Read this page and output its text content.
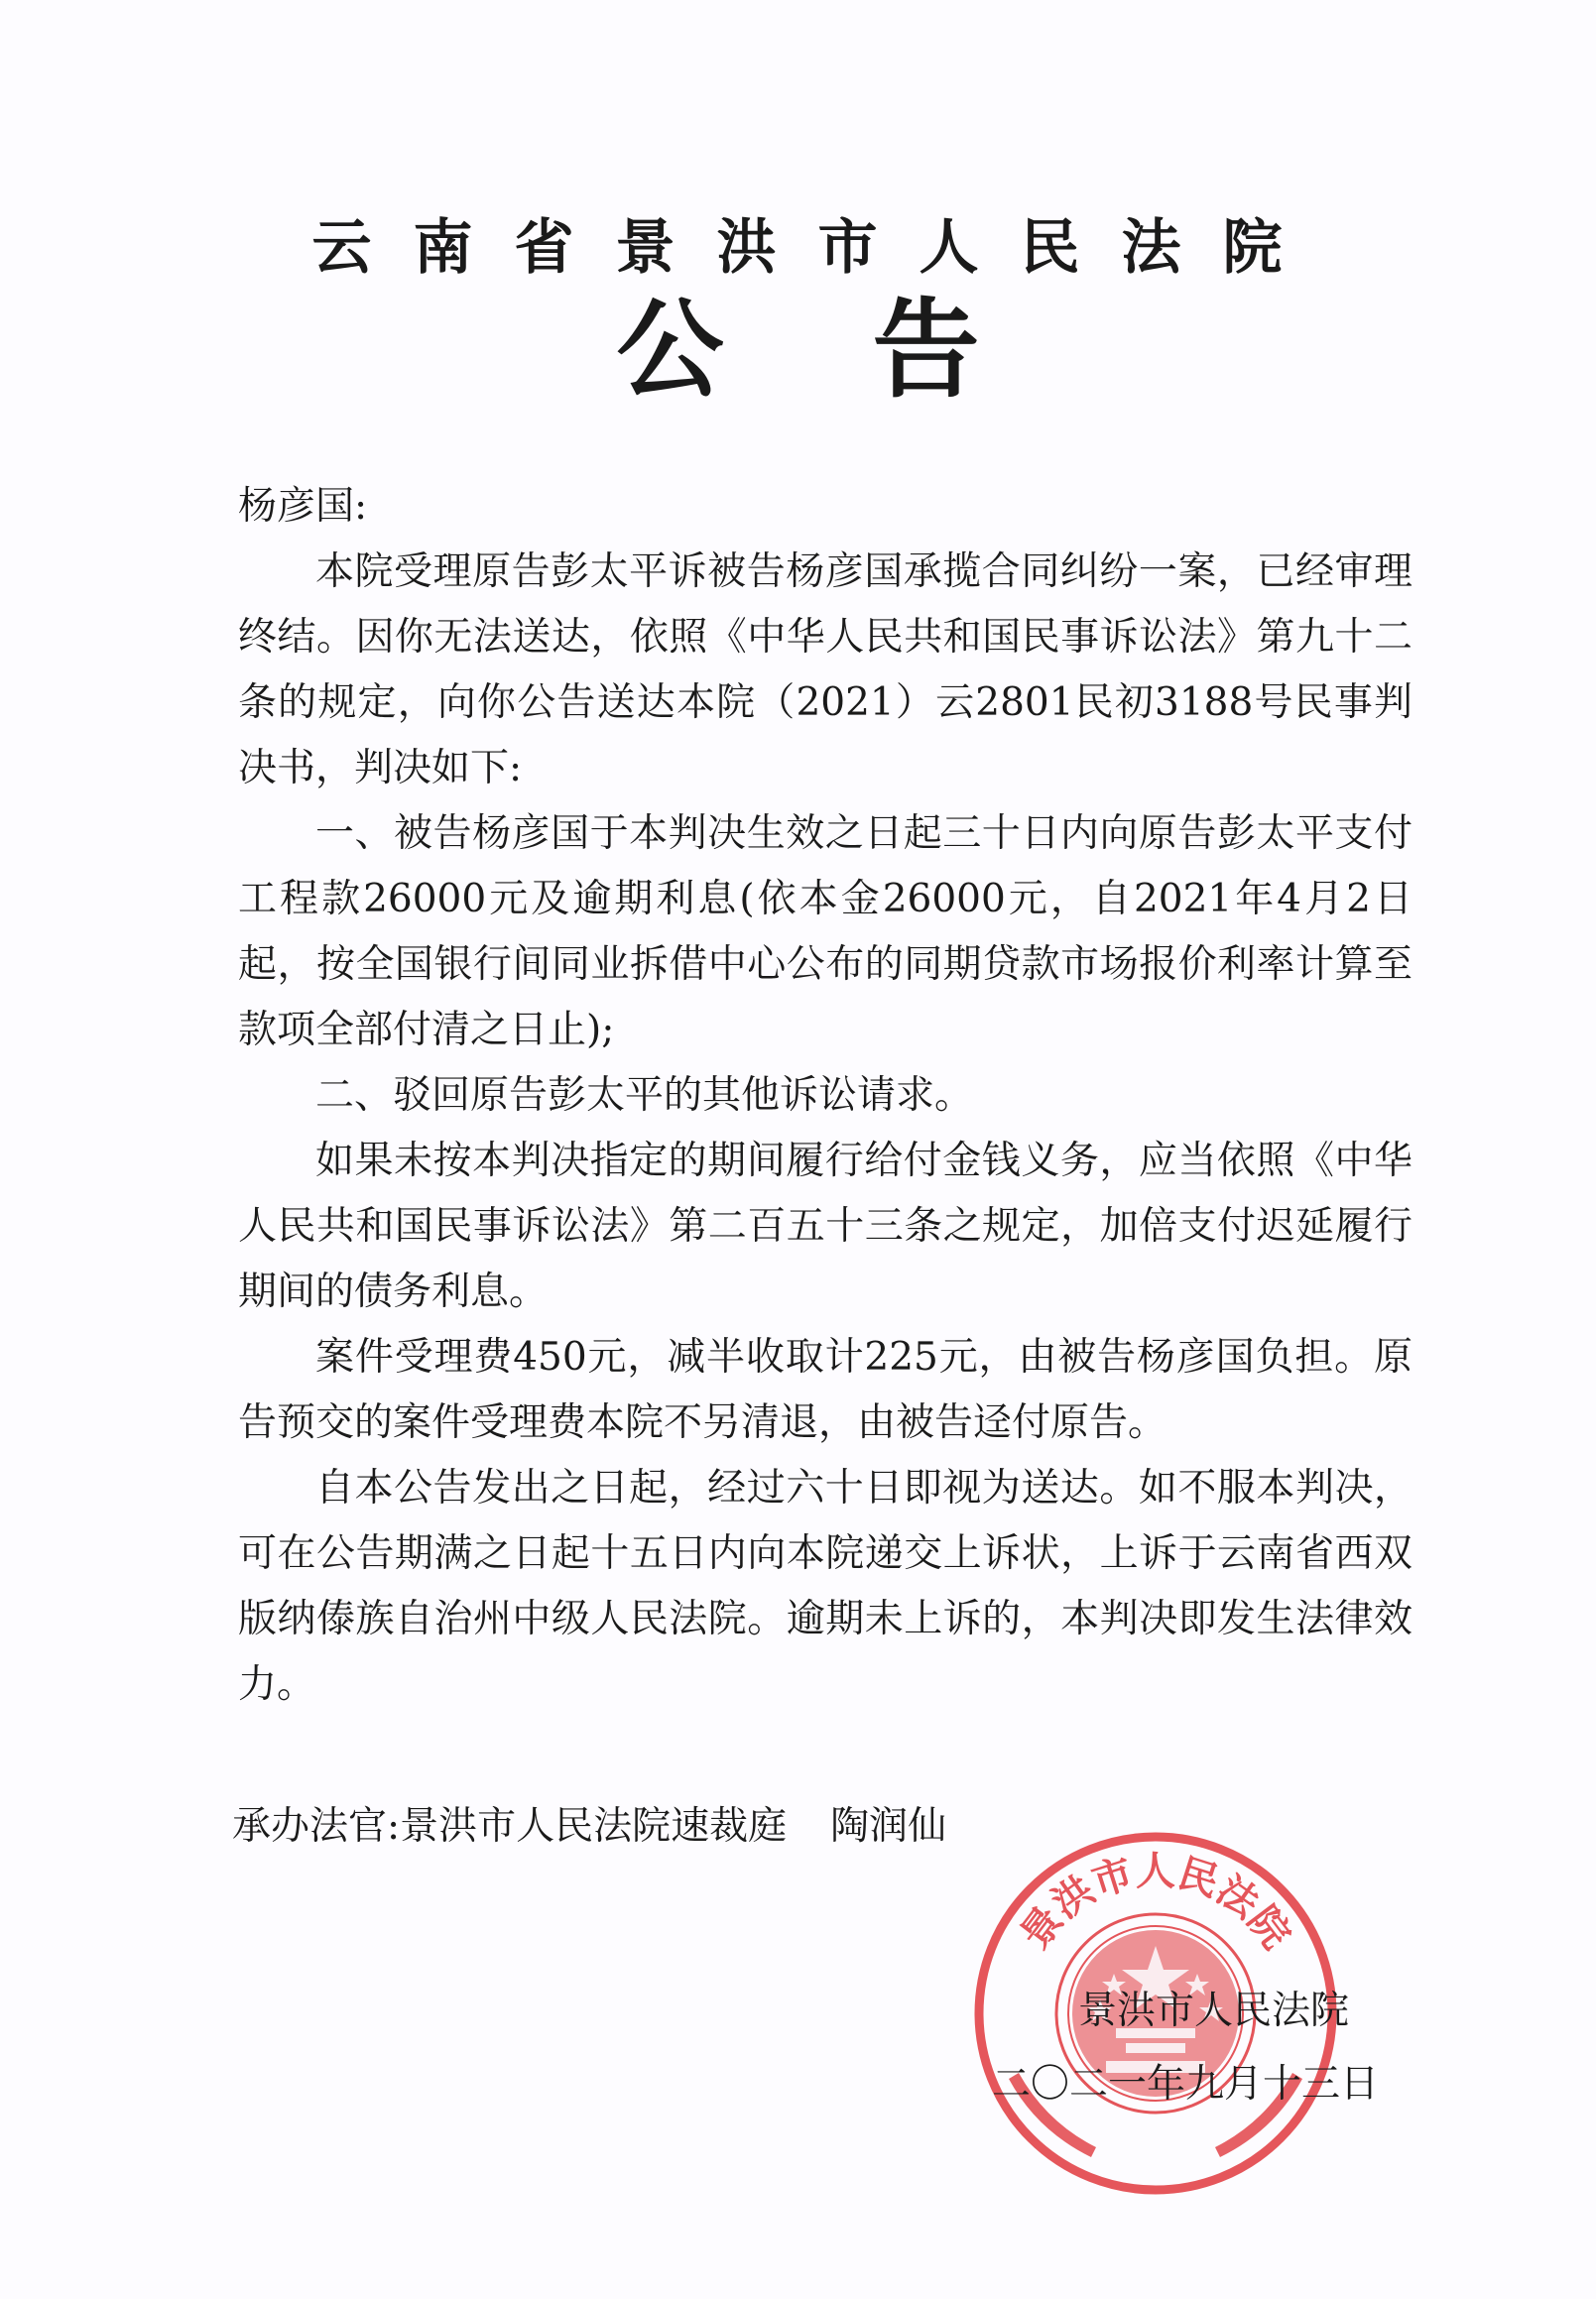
云南省景洪市人民法院
公告

杨彦国:

本院受理原告彭太平诉被告杨彦国承揽合同纠纷一案，已经审理终结。因你无法送达，依照《中华人民共和国民事诉讼法》第九十二条的规定，向你公告送达本院（2021）云2801民初3188号民事判决书，判决如下:

一、被告杨彦国于本判决生效之日起三十日内向原告彭太平支付工程款26000元及逾期利息(依本金26000元，自2021年4月2日起，按全国银行间同业拆借中心公布的同期贷款市场报价利率计算至款项全部付清之日止);

二、驳回原告彭太平的其他诉讼请求。

如果未按本判决指定的期间履行给付金钱义务，应当依照《中华人民共和国民事诉讼法》第二百五十三条之规定，加倍支付迟延履行期间的债务利息。

案件受理费450元，减半收取计225元，由被告杨彦国负担。原告预交的案件受理费本院不另清退，由被告迳付原告。

自本公告发出之日起，经过六十日即视为送达。如不服本判决，可在公告期满之日起十五日内向本院递交上诉状，上诉于云南省西双版纳傣族自治州中级人民法院。逾期未上诉的，本判决即发生法律效力。

承办法官:景洪市人民法院速裁庭 陶润仙
景洪市人民法院
景洪市人民法院
二〇二一年九月十三日
